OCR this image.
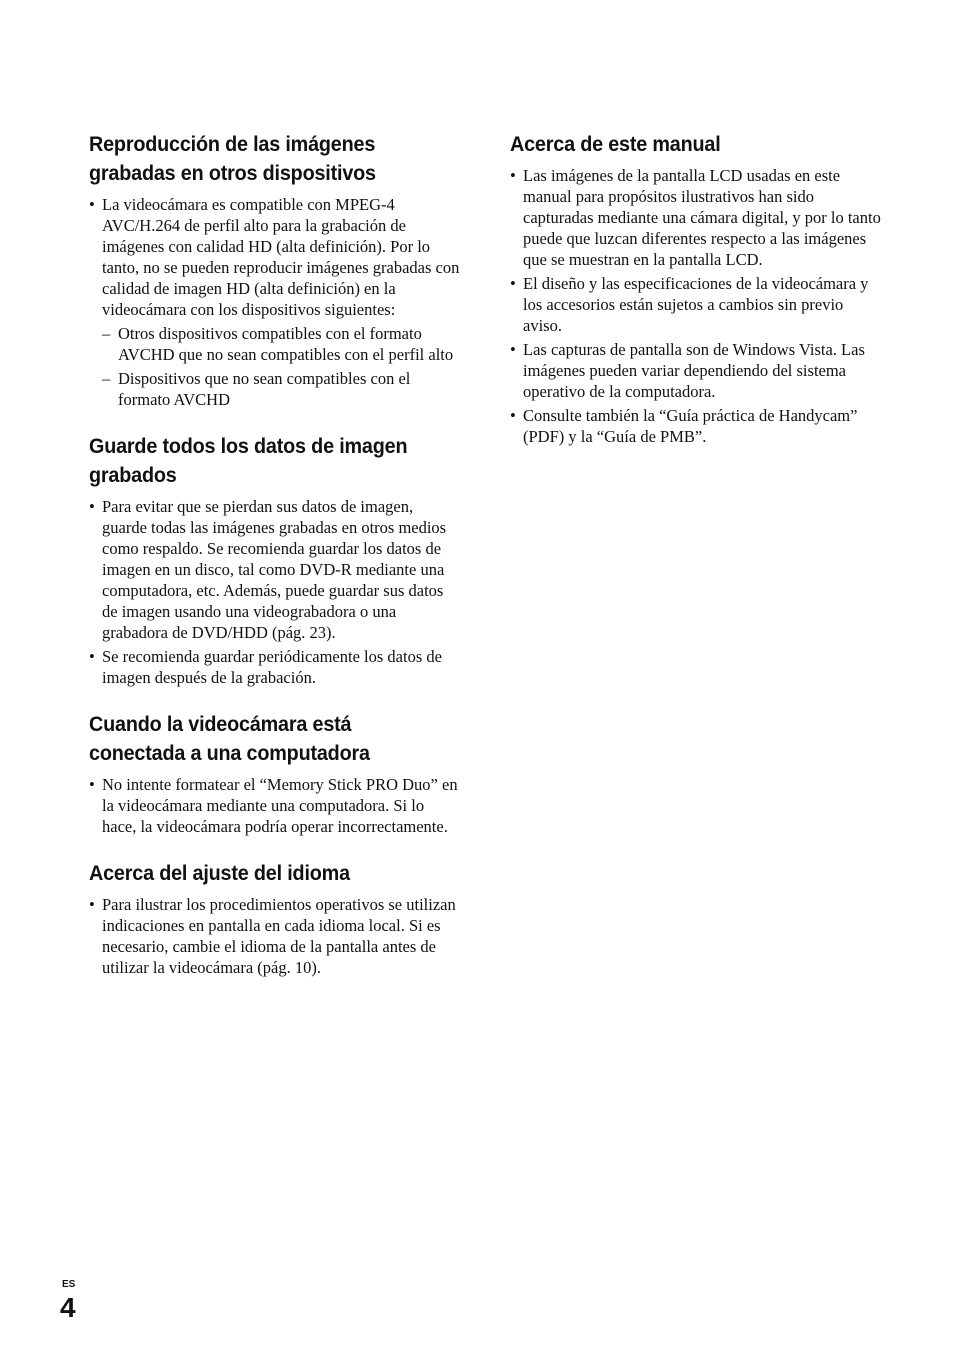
Reproducción de las imágenes
grabadas en otros dispositivos
• La videocámara es compatible con MPEG-4 AVC/H.264 de perfil alto para la grabación de imágenes con calidad HD (alta definición). Por lo tanto, no se pueden reproducir imágenes grabadas con calidad de imagen HD (alta definición) en la videocámara con los dispositivos siguientes:
– Otros dispositivos compatibles con el formato AVCHD que no sean compatibles con el perfil alto
– Dispositivos que no sean compatibles con el formato AVCHD
Guarde todos los datos de imagen
grabados
• Para evitar que se pierdan sus datos de imagen, guarde todas las imágenes grabadas en otros medios como respaldo. Se recomienda guardar los datos de imagen en un disco, tal como DVD-R mediante una computadora, etc. Además, puede guardar sus datos de imagen usando una videograbadora o una grabadora de DVD/HDD (pág. 23).
• Se recomienda guardar periódicamente los datos de imagen después de la grabación.
Cuando la videocámara está
conectada a una computadora
• No intente formatear el “Memory Stick PRO Duo” en la videocámara mediante una computadora. Si lo hace, la videocámara podría operar incorrectamente.
Acerca del ajuste del idioma
• Para ilustrar los procedimientos operativos se utilizan indicaciones en pantalla en cada idioma local. Si es necesario, cambie el idioma de la pantalla antes de utilizar la videocámara (pág. 10).
Acerca de este manual
• Las imágenes de la pantalla LCD usadas en este manual para propósitos ilustrativos han sido capturadas mediante una cámara digital, y por lo tanto puede que luzcan diferentes respecto a las imágenes que se muestran en la pantalla LCD.
• El diseño y las especificaciones de la videocámara y los accesorios están sujetos a cambios sin previo aviso.
• Las capturas de pantalla son de Windows Vista. Las imágenes pueden variar dependiendo del sistema operativo de la computadora.
• Consulte también la “Guía práctica de Handycam” (PDF) y la “Guía de PMB”.
ES
4
